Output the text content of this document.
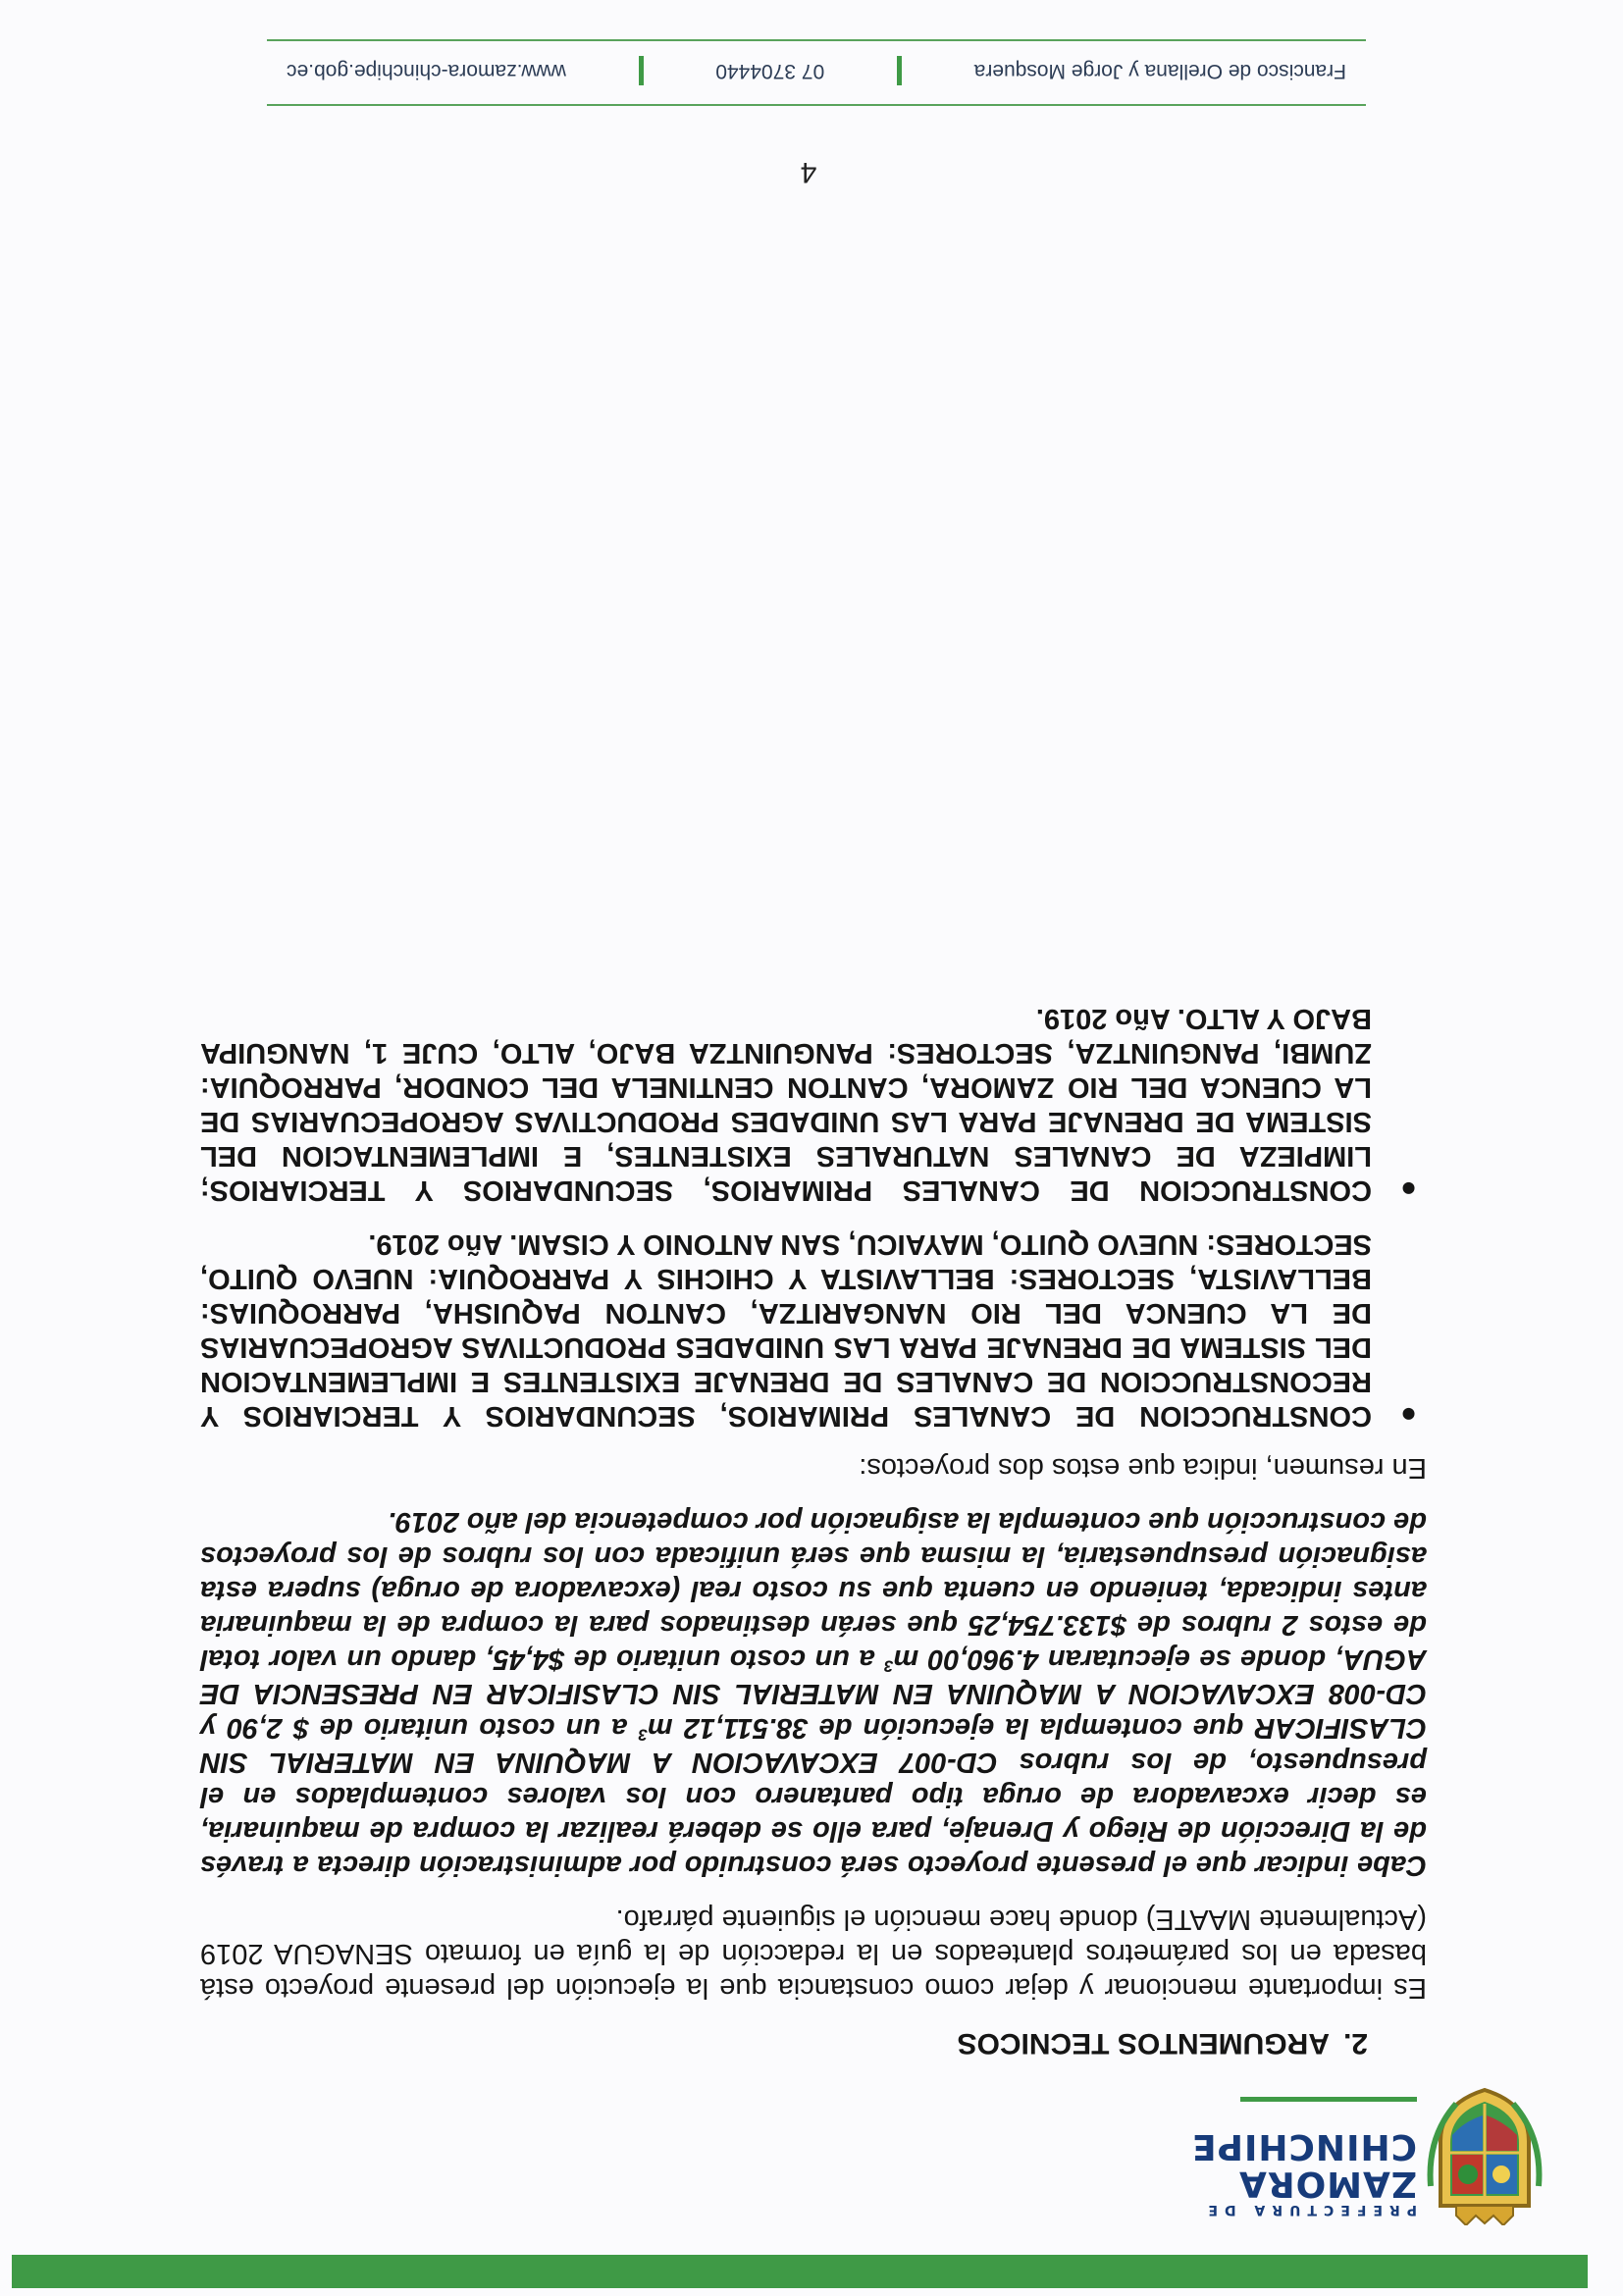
PREFECTURA DE
ZAMORA
CHINCHIPE
2.ARGUMENTOS TECNICOS

Es importante mencionar y dejar como constancia que la ejecución del presente proyecto está basada en los parámetros planteados en la redacción de la guía en formato SENAGUA 2019 (Actualmente MAATE) donde hace mención el siguiente párrafo.

Cabe indicar que el presente proyecto será construido por administración directa a través de la Dirección de Riego y Drenaje, para ello se deberá realizar la compra de maquinaria, es decir excavadora de oruga tipo pantanero con los valores contemplados en el presupuesto, de los rubros CD-007 EXCAVACION A MAQUINA EN MATERIAL SIN CLASIFICAR que contempla la ejecución de 38.511,12 $m^3$ a un costo unitario de $ 2,90 y CD-008 EXCAVACION A MAQUINA EN MATERIAL SIN CLASIFICAR EN PRESENCIA DE AGUA, donde se ejecutaran 4.960,00 $m^3$ a un costo unitario de $4,45, dando un valor total de estos 2 rubros de $133.754,25 que serán destinados para la compra de la maquinaria antes indicada, teniendo en cuenta que su costo real (excavadora de oruga) supera esta asignación presupuestaria, la misma que será unificada con los rubros de los proyectos de construcción que contempla la asignación por competencia del año 2019.

En resumen, indica que estos dos proyectos:

●
CONSTRUCCION DE CANALES PRIMARIOS, SECUNDARIOS Y TERCIARIOS Y RECONSTRUCCION DE CANALES DE DRENAJE EXISTENTES E IMPLEMENTACION DEL SISTEMA DE DRENAJE PARA LAS UNIDADES PRODUCTIVAS AGROPECUARIAS DE LA CUENCA DEL RIO NANGARITZA, CANTON PAQUISHA, PARROQUIAS: BELLAVISTA, SECTORES: BELLAVISTA Y CHICHIS Y PARROQUIA: NUEVO QUITO, SECTORES: NUEVO QUITO, MAYAICU, SAN ANTONIO Y CISAM. Año 2019.
●
CONSTRUCCION DE CANALES PRIMARIOS, SECUNDARIOS Y TERCIARIOS; LIMPIEZA DE CANALES NATURALES EXISTENTES, E IMPLEMENTACION DEL SISTEMA DE DRENAJE PARA LAS UNIDADES PRODUCTIVAS AGROPECUARIAS DE LA CUENCA DEL RIO ZAMORA, CANTON CENTINELA DEL CONDOR, PARROQUIA: ZUMBI, PANGUINTZA, SECTORES: PANGUINTZA BAJO, ALTO, CUJE 1, NANGUIPA BAJO Y ALTO. Año 2019.
4
Francisco de Orellana y Jorge Mosquera
07 3704440
www.zamora-chinchipe.gob.ec
